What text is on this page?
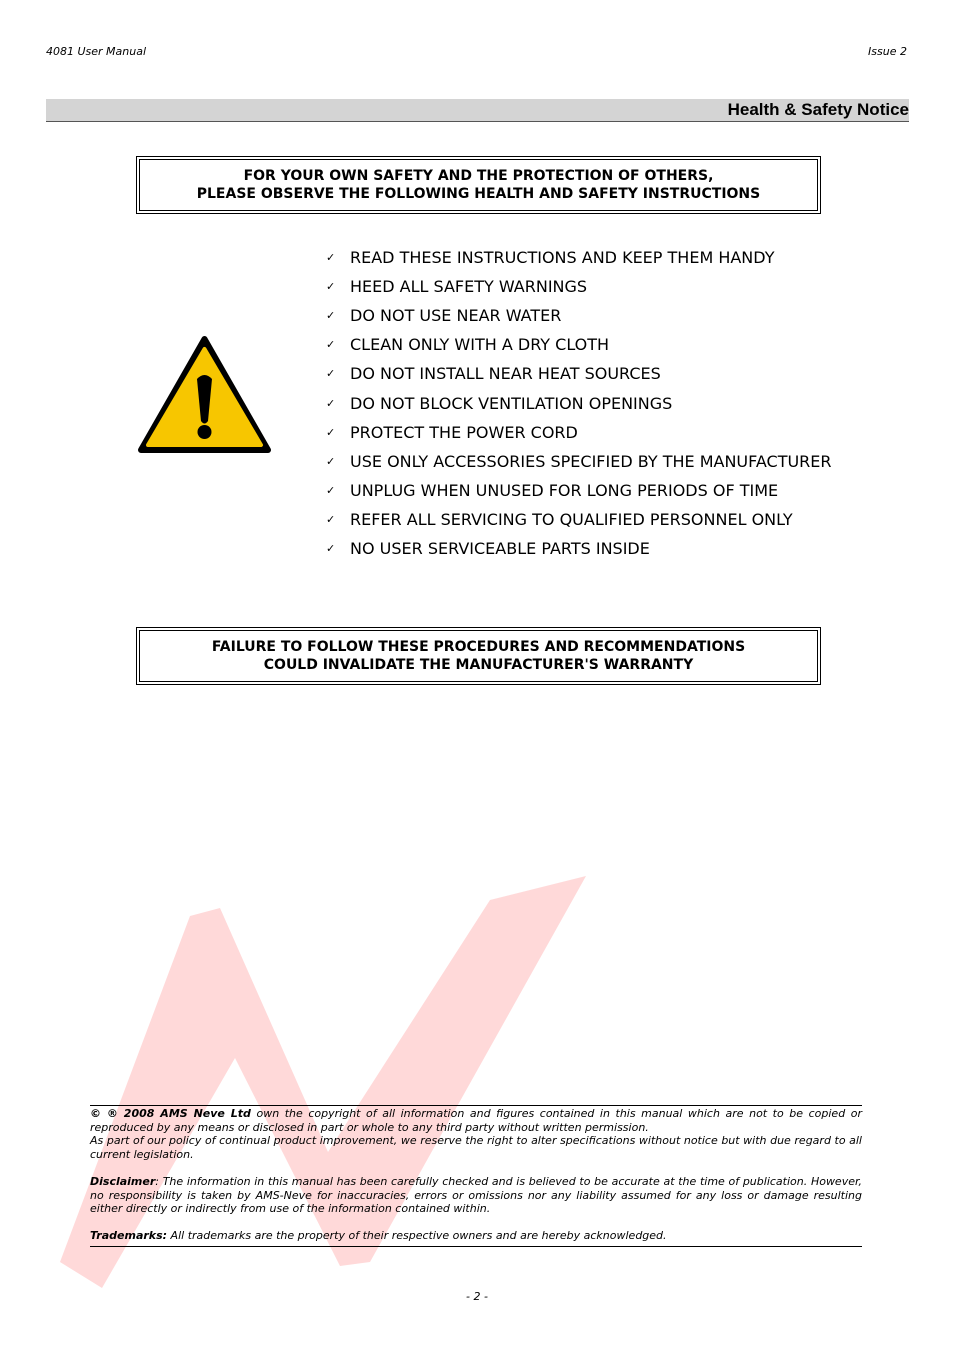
4081 User Manual	Issue 2
Health & Safety Notice
FOR YOUR OWN SAFETY AND THE PROTECTION OF OTHERS,
PLEASE OBSERVE THE FOLLOWING HEALTH AND SAFETY INSTRUCTIONS
✓ READ THESE INSTRUCTIONS AND KEEP THEM HANDY
✓ HEED ALL SAFETY WARNINGS
✓ DO NOT USE NEAR WATER
✓ CLEAN ONLY WITH A DRY CLOTH
✓ DO NOT INSTALL NEAR HEAT SOURCES
✓ DO NOT BLOCK VENTILATION OPENINGS
✓ PROTECT THE POWER CORD
✓ USE ONLY ACCESSORIES SPECIFIED BY THE MANUFACTURER
✓ UNPLUG WHEN UNUSED FOR LONG PERIODS OF TIME
✓ REFER ALL SERVICING TO QUALIFIED PERSONNEL ONLY
✓ NO USER SERVICEABLE PARTS INSIDE
FAILURE TO FOLLOW THESE PROCEDURES AND RECOMMENDATIONS
COULD INVALIDATE THE MANUFACTURER'S WARRANTY

© ® 2008 AMS Neve Ltd own the copyright of all information and figures contained in this manual which are not to be copied or reproduced by any means or disclosed in part or whole to any third party without written permission.

As part of our policy of continual product improvement, we reserve the right to alter specifications without notice but with due regard to all current legislation.

Disclaimer: The information in this manual has been carefully checked and is believed to be accurate at the time of publication. However, no responsibility is taken by AMS-Neve for inaccuracies, errors or omissions nor any liability assumed for any loss or damage resulting either directly or indirectly from use of the information contained within.

Trademarks: All trademarks are the property of their respective owners and are hereby acknowledged.

- 2 -
